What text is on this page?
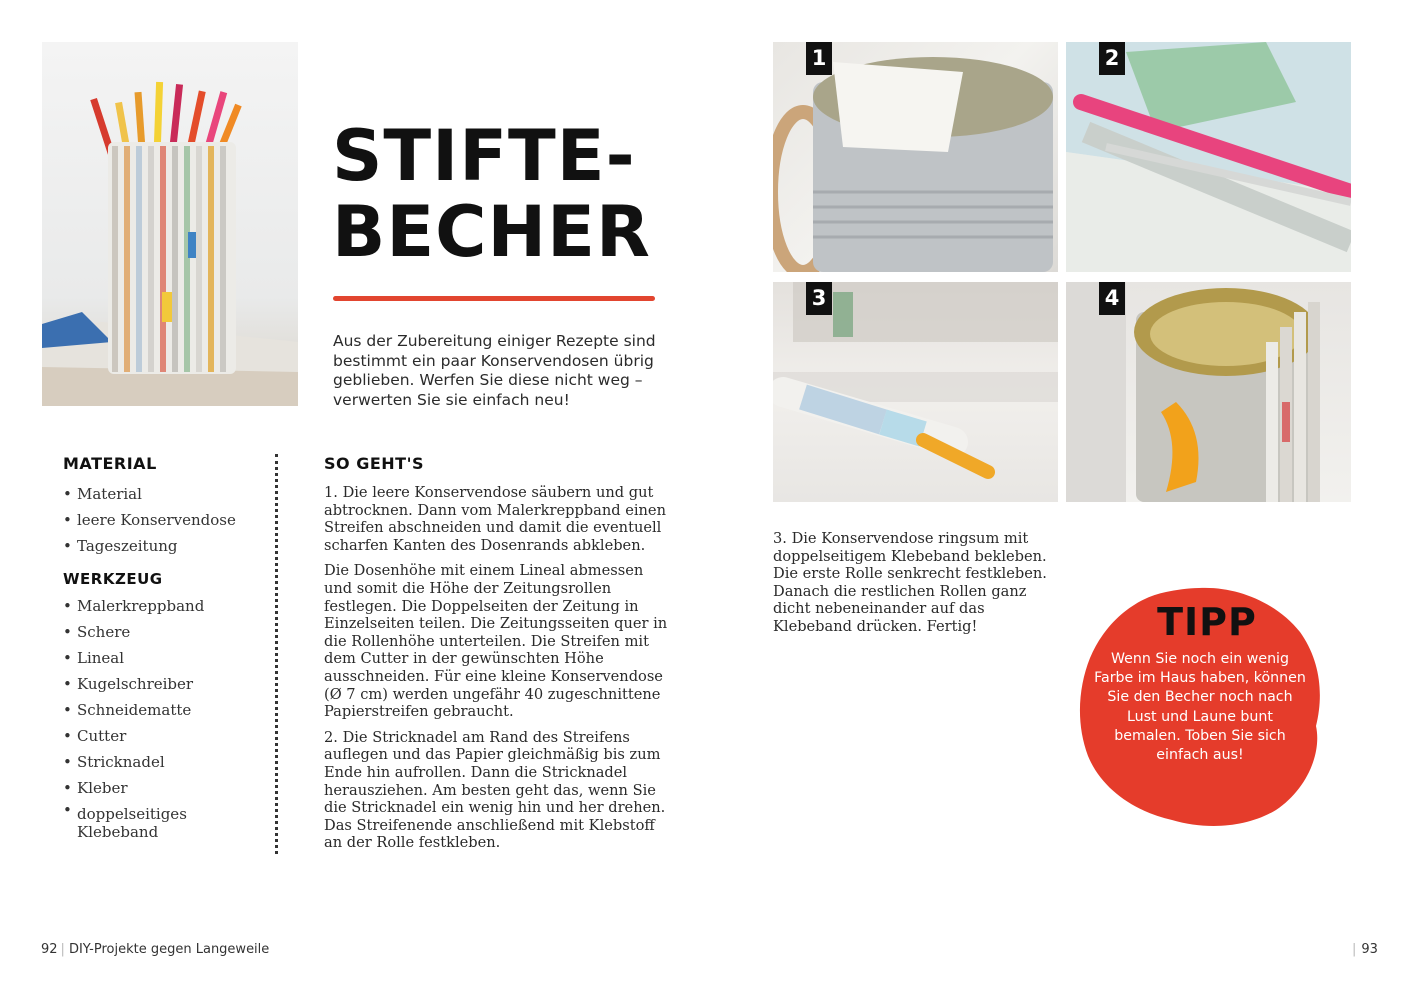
STIFTE-
BECHER
Aus der Zubereitung einiger Rezepte sind bestimmt ein paar Konservendosen übrig geblieben. Werfen Sie diese nicht weg – verwerten Sie sie einfach neu!
MATERIAL
• Material
• leere Konservendose
• Tageszeitung
WERKZEUG
• Malerkreppband
• Schere
• Lineal
• Kugelschreiber
• Schneidematte
• Cutter
• Stricknadel
• Kleber
• doppelseitiges Klebeband
SO GEHT'S

1. Die leere Konservendose säubern und gut abtrocknen. Dann vom Malerkreppband einen Streifen abschneiden und damit die eventuell scharfen Kanten des Dosenrands abkleben.

Die Dosenhöhe mit einem Lineal abmessen und somit die Höhe der Zeitungsrollen festlegen. Die Doppelseiten der Zeitung in Einzelseiten teilen. Die Zeitungsseiten quer in die Rollenhöhe unterteilen. Die Streifen mit dem Cutter in der gewünschten Höhe ausschneiden. Für eine kleine Konservendose (Ø 7 cm) werden ungefähr 40 zugeschnittene Papierstreifen gebraucht.

2. Die Stricknadel am Rand des Streifens auflegen und das Papier gleichmäßig bis zum Ende hin aufrollen. Dann die Stricknadel herausziehen. Am besten geht das, wenn Sie die Stricknadel ein wenig hin und her drehen. Das Streifenende anschließend mit Klebstoff an der Rolle festkleben.

1	2
3	4
3. Die Konservendose ringsum mit doppelseitigem Klebeband bekleben. Die erste Rolle senkrecht festkleben. Danach die restlichen Rollen ganz dicht nebeneinander auf das Klebeband drücken. Fertig!	TIPP
Wenn Sie noch ein wenig Farbe im Haus haben, können Sie den Becher noch nach Lust und Laune bunt bemalen. Toben Sie sich einfach aus!
92 | DIY-Projekte gegen Langeweile	| 93
